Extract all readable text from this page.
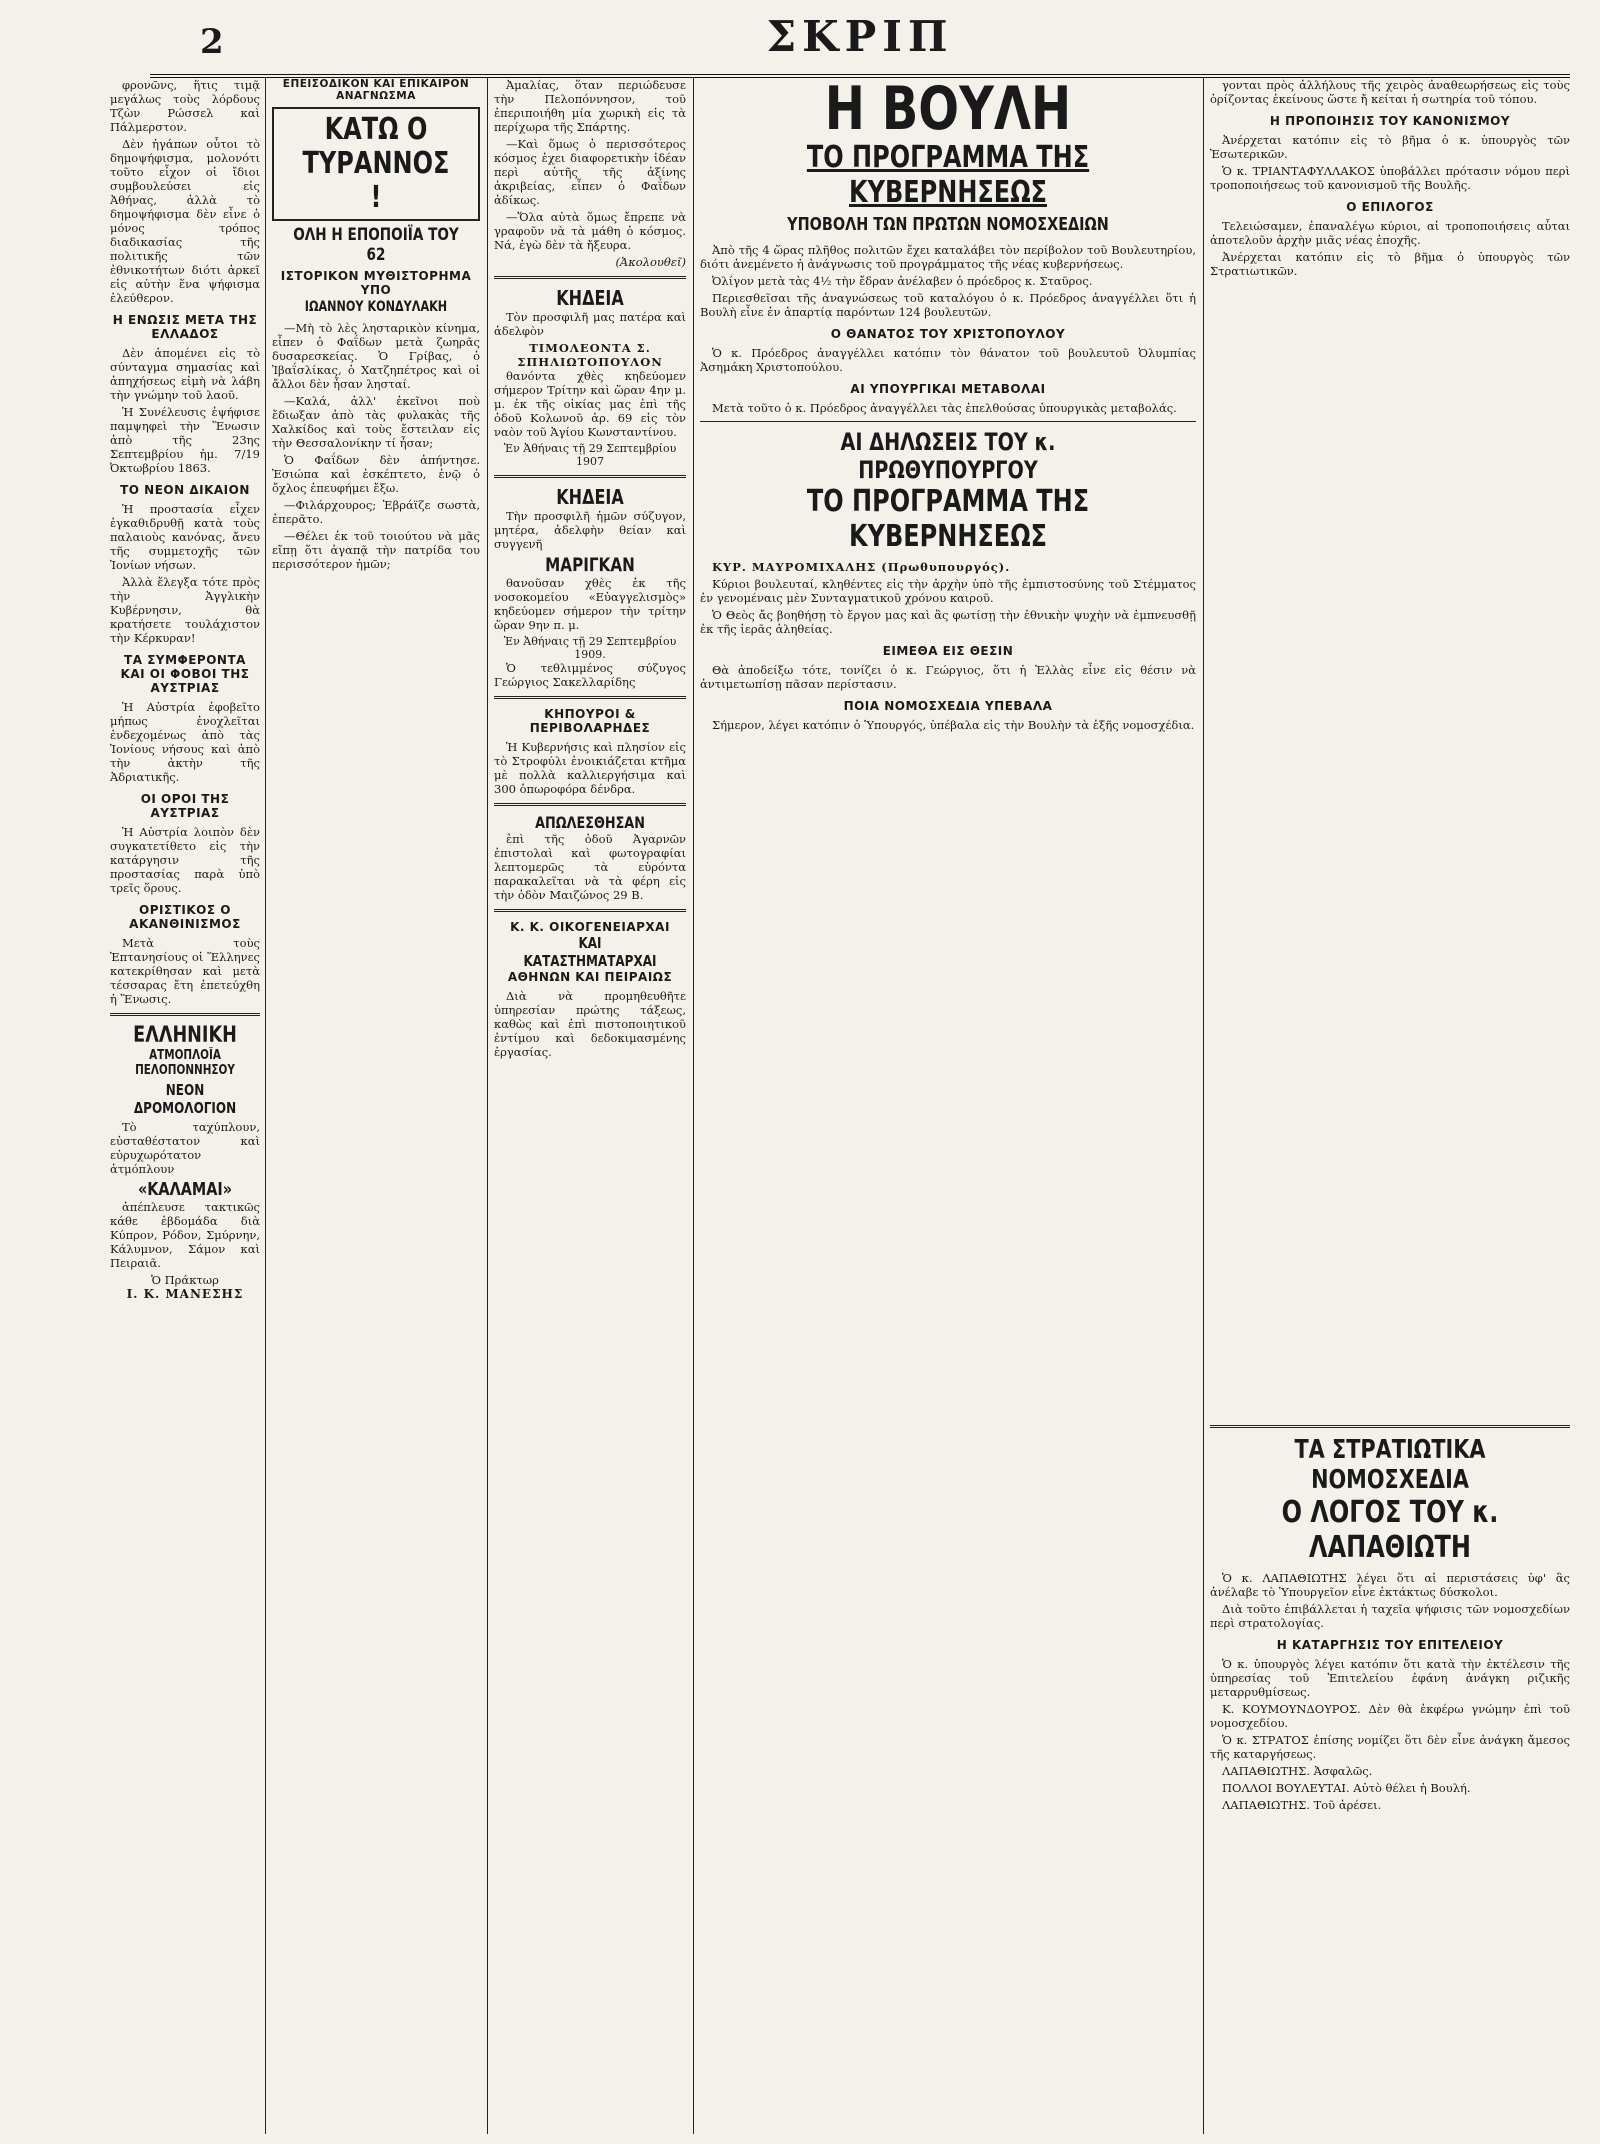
2	ΣΚΡΙΠ

φρονῶνς, ἥτις τιμᾷ μεγάλως τοὺς λόρδους Τζὼν Ρώσσελ καὶ Πάλμερστον.

Δὲν ἠγάπων οὗτοι τὸ δημοψήφισμα, μολονότι τοῦτο εἶχον οἱ ἴδιοι συμβουλεύσει εἰς Ἀθήνας, ἀλλὰ τὸ δημοψήφισμα δὲν εἶνε ὁ μόνος τρόπος διαδικασίας τῆς πολιτικῆς τῶν ἐθνικοτήτων διότι ἀρκεῖ εἰς αὐτὴν ἕνα ψήφισμα ἐλεύθερον.

Η ΕΝΩΣΙΣ ΜΕΤΑ ΤΗΣ ΕΛΛΑΔΟΣ

Δὲν ἀπομένει εἰς τὸ σύνταγμα σημασίας καὶ ἀπηχήσεως εἰμὴ νὰ λάβη τὴν γνώμην τοῦ λαοῦ.

Ἡ Συνέλευσις ἐψήφισε παμψηφεὶ τὴν Ἕνωσιν ἀπὸ τῆς 23ης Σεπτεμβρίου ἡμ. 7/19 Ὀκτωβρίου 1863.

ΤΟ ΝΕΟΝ ΔΙΚΑΙΟΝ

Ἡ προστασία εἶχεν ἐγκαθιδρυθῇ κατὰ τοὺς παλαιοὺς κανόνας, ἄνευ τῆς συμμετοχῆς τῶν Ἰονίων νήσων.

Ἀλλὰ ἔλεγξα τότε πρὸς τὴν Ἀγγλικὴν Κυβέρνησιν, θὰ κρατήσετε τουλάχιστον τὴν Κέρκυραν!

ΤΑ ΣΥΜΦΕΡΟΝΤΑ ΚΑΙ ΟΙ ΦΟΒΟΙ ΤΗΣ ΑΥΣΤΡΙΑΣ

Ἡ Αὐστρία ἐφοβεῖτο μήπως ἐνοχλεῖται ἐνδεχομένως ἀπὸ τὰς Ἰονίους νήσους καὶ ἀπὸ τὴν ἀκτὴν τῆς Ἀδριατικῆς.

ΟΙ ΟΡΟΙ ΤΗΣ ΑΥΣΤΡΙΑΣ

Ἡ Αὐστρία λοιπὸν δὲν συγκατετίθετο εἰς τὴν κατάργησιν τῆς προστασίας παρὰ ὑπὸ τρεῖς ὅρους.

ΟΡΙΣΤΙΚΟΣ Ο ΑΚΑΝΘΙΝΙΣΜΟΣ

Μετὰ τοὺς Ἑπτανησίους οἱ Ἕλληνες κατεκρίθησαν καὶ μετὰ τέσσαρας ἔτη ἐπετεύχθη ἡ Ἕνωσις.

ΕΛΛΗΝΙΚΗ
ΑΤΜΟΠΛΟΪΑ ΠΕΛΟΠΟΝΝΗΣΟΥ
ΝΕΟΝ ΔΡΟΜΟΛΟΓΙΟΝ

Τὸ ταχύπλουν, εὐσταθέστατον καὶ εὐρυχωρότατον ἀτμόπλουν

«ΚΑΛΑΜΑΙ»

ἀπέπλευσε τακτικῶς κάθε ἑβδομάδα διὰ Κύπρον, Ρόδον, Σμύρνην, Κάλυμνον, Σάμον καὶ Πειραιᾶ.

Ὁ Πράκτωρ
Ι. Κ. ΜΑΝΕΣΗΣ
ΕΠΕΙΣΟΔΙΚΟΝ ΚΑΙ ΕΠΙΚΑΙΡΟΝ ΑΝΑΓΝΩΣΜΑ
ΚΑΤΩ Ο ΤΥΡΑΝΝΟΣ !
ΟΛΗ Η ΕΠΟΠΟΙΪΑ ΤΟΥ 62
ΙΣΤΟΡΙΚΟΝ ΜΥΘΙΣΤΟΡΗΜΑ ΥΠΟ
ΙΩΑΝΝΟΥ ΚΟΝΔΥΛΑΚΗ

—Μὴ τὸ λὲς λησταρικὸν κίνημα, εἶπεν ὁ Φαΐδων μετὰ ζωηρᾶς δυσαρεσκείας. Ὁ Γρίβας, ὁ Ἰβαΐσλίκας, ὁ Χατζηπέτρος καὶ οἱ ἄλλοι δὲν ἦσαν λησταί.

—Καλά, ἀλλ' ἐκεῖνοι ποὺ ἔδιωξαν ἀπὸ τὰς φυλακὰς τῆς Χαλκίδος καὶ τοὺς ἔστειλαν εἰς τὴν Θεσσαλονίκην τί ἦσαν;

Ὁ Φαΐδων δὲν ἀπήντησε. Ἐσιώπα καὶ ἐσκέπτετο, ἐνῷ ὁ ὄχλος ἐπευφήμει ἔξω.

—Φιλάρχουρος; Ἐβράϊζε σωστὰ, ἐπερᾶτο.

—Θέλει ἐκ τοῦ τοιούτου νὰ μᾶς εἴπῃ ὅτι ἀγαπᾷ τὴν πατρίδα του περισσότερον ἡμῶν;

Ἀμαλίας, ὅταν περιώδευσε τὴν Πελοπόννησον, τοῦ ἐπεριποιήθη μία χωρικὴ εἰς τὰ περίχωρα τῆς Σπάρτης.

—Καὶ ὅμως ὁ περισσότερος κόσμος ἐχει διαφορετικὴν ἰδέαν περὶ αὐτῆς τῆς ἀξίνης ἀκριβείας, εἶπεν ὁ Φαΐδων ἀδίκως.

—Ὅλα αὐτὰ ὅμως ἔπρεπε νὰ γραφοῦν νὰ τὰ μάθη ὁ κόσμος. Νά, ἐγὼ δὲν τὰ ἤξευρα.

(Ἀκολουθεῖ)
ΚΗΔΕΙΑ

Τὸν προσφιλῆ μας πατέρα καὶ ἀδελφὸν

ΤΙΜΟΛΕΟΝΤΑ Σ. ΣΠΗΛΙΩΤΟΠΟΥΛΟΝ

θανόντα χθὲς κηδεύομεν σήμερον Τρίτην καὶ ὥραν 4ην μ. μ. ἐκ τῆς οἰκίας μας ἐπὶ τῆς ὁδοῦ Κολωνοῦ ἀρ. 69 εἰς τὸν ναὸν τοῦ Ἁγίου Κωνσταντίνου.

Ἐν Ἀθήναις τῇ 29 Σεπτεμβρίου 1907
ΚΗΔΕΙΑ

Τὴν προσφιλῆ ἡμῶν σύζυγον, μητέρα, ἀδελφὴν θείαν καὶ συγγενῆ

ΜΑΡΙΓΚΑΝ

θανοῦσαν χθὲς ἐκ τῆς νοσοκομείου «Εὐαγγελισμὸς» κηδεύομεν σήμερον τὴν τρίτην ὥραν 9ην π. μ.

Ἐν Ἀθήναις τῇ 29 Σεπτεμβρίου 1909.

Ὁ τεθλιμμένος σύζυγος Γεώργιος Σακελλαρίδης

ΚΗΠΟΥΡΟΙ & ΠΕΡΙΒΟΛΑΡΗΔΕΣ

Ἡ Κυβερνήσις καὶ πλησίον εἰς τὸ Στροφύλι ἐνοικιάζεται κτῆμα μὲ πολλὰ καλλιεργήσιμα καὶ 300 ὀπωροφόρα δένδρα.

ΑΠΩΛΕΣΘΗΣΑΝ

ἐπὶ τῆς ὁδοῦ Ἀγαρνῶν ἐπιστολαὶ καὶ φωτογραφίαι λεπτομερῶς τὰ εὑρόντα παρακαλεῖται νὰ τὰ φέρη εἰς τὴν ὁδὸν Μαιζώνος 29 Β.

Κ. Κ. ΟΙΚΟΓΕΝΕΙΑΡΧΑΙ
ΚΑΙ ΚΑΤΑΣΤΗΜΑΤΑΡΧΑΙ
ΑΘΗΝΩΝ ΚΑΙ ΠΕΙΡΑΙΩΣ

Διὰ νὰ προμηθευθῆτε ὑπηρεσίαν πρώτης τάξεως, καθὼς καὶ ἐπὶ πιστοποιητικοῦ ἐντίμου καὶ δεδοκιμασμένης ἐργασίας.

Η ΒΟΥΛΗ
ΤΟ ΠΡΟΓΡΑΜΜΑ ΤΗΣ ΚΥΒΕΡΝΗΣΕΩΣ
ΥΠΟΒΟΛΗ ΤΩΝ ΠΡΩΤΩΝ ΝΟΜΟΣΧΕΔΙΩΝ

Ἀπὸ τῆς 4 ὥρας πλῆθος πολιτῶν ἔχει καταλάβει τὸν περίβολον τοῦ Βουλευτηρίου, διότι ἀνεμένετο ἡ ἀνάγνωσις τοῦ προγράμματος τῆς νέας κυβερνήσεως.

Ὀλίγον μετὰ τὰς 4½ τὴν ἔδραν ἀνέλαβεν ὁ πρόεδρος κ. Σταῦρος.

Περιεσθεῖσαι τῆς ἀναγνώσεως τοῦ καταλόγου ὁ κ. Πρόεδρος ἀναγγέλλει ὅτι ἡ Βουλὴ εἶνε ἐν ἀπαρτίᾳ παρόντων 124 βουλευτῶν.

Ο ΘΑΝΑΤΟΣ ΤΟΥ ΧΡΙΣΤΟΠΟΥΛΟΥ

Ὁ κ. Πρόεδρος ἀναγγέλλει κατόπιν τὸν θάνατον τοῦ βουλευτοῦ Ὀλυμπίας Ἀσημάκη Χριστοπούλου.

ΑΙ ΥΠΟΥΡΓΙΚΑΙ ΜΕΤΑΒΟΛΑΙ

Μετὰ τοῦτο ὁ κ. Πρόεδρος ἀναγγέλλει τὰς ἐπελθούσας ὑπουργικὰς μεταβολάς.

ΑΙ ΔΗΛΩΣΕΙΣ ΤΟΥ κ. ΠΡΩΘΥΠΟΥΡΓΟΥ
ΤΟ ΠΡΟΓΡΑΜΜΑ ΤΗΣ ΚΥΒΕΡΝΗΣΕΩΣ

ΚΥΡ. ΜΑΥΡΟΜΙΧΑΛΗΣ (Πρωθυπουργός).

Κύριοι βουλευταί, κληθέντες εἰς τὴν ἀρχὴν ὑπὸ τῆς ἐμπιστοσύνης τοῦ Στέμματος ἐν γενομέναις μὲν Συνταγματικοῦ χρόνου καιροῦ.

Ὁ Θεὸς ἄς βοηθήσῃ τὸ ἔργον μας καὶ ἂς φωτίσῃ τὴν ἐθνικὴν ψυχὴν νὰ ἐμπνευσθῇ ἐκ τῆς ἱερᾶς ἀληθείας.

ΕΙΜΕΘΑ ΕΙΣ ΘΕΣΙΝ

Θὰ ἀποδείξω τότε, τονίζει ὁ κ. Γεώργιος, ὅτι ἡ Ἑλλὰς εἶνε εἰς θέσιν νὰ ἀντιμετωπίσῃ πᾶσαν περίστασιν.

ΠΟΙΑ ΝΟΜΟΣΧΕΔΙΑ ΥΠΕΒΑΛΑ

Σήμερον, λέγει κατόπιν ὁ Ὑπουργός, ὑπέβαλα εἰς τὴν Βουλὴν τὰ ἑξῆς νομοσχέδια.

γονται πρὸς ἀλλήλους τῆς χειρὸς ἀναθεωρήσεως εἰς τοὺς ὁρίζοντας ἐκείνους ὥστε ἤ κείται ἡ σωτηρία τοῦ τόπου.

Η ΠΡΟΠΟΙΗΣΙΣ ΤΟΥ ΚΑΝΟΝΙΣΜΟΥ

Ἀνέρχεται κατόπιν εἰς τὸ βῆμα ὁ κ. ὑπουργὸς τῶν Ἐσωτερικῶν.

Ὁ κ. ΤΡΙΑΝΤΑΦΥΛΛΑΚΟΣ ὑποβάλλει πρότασιν νόμου περὶ τροποποιήσεως τοῦ κανονισμοῦ τῆς Βουλῆς.

Ο ΕΠΙΛΟΓΟΣ

Τελειώσαμεν, ἐπαναλέγω κύριοι, αἱ τροποποιήσεις αὗται ἀποτελοῦν ἀρχὴν μιᾶς νέας ἐποχῆς.

Ἀνέρχεται κατόπιν εἰς τὸ βῆμα ὁ ὑπουργὸς τῶν Στρατιωτικῶν.

ΤΑ ΣΤΡΑΤΙΩΤΙΚΑ ΝΟΜΟΣΧΕΔΙΑ
Ο ΛΟΓΟΣ ΤΟΥ κ. ΛΑΠΑΘΙΩΤΗ

Ὁ κ. ΛΑΠΑΘΙΩΤΗΣ λέγει ὅτι αἱ περιστάσεις ὑφ' ἃς ἀνέλαβε τὸ Ὑπουργεῖον εἶνε ἐκτάκτως δύσκολοι.

Διὰ τοῦτο ἐπιβάλλεται ἡ ταχεῖα ψήφισις τῶν νομοσχεδίων περὶ στρατολογίας.

Η ΚΑΤΑΡΓΗΣΙΣ ΤΟΥ ΕΠΙΤΕΛΕΙΟΥ

Ὁ κ. ὑπουργὸς λέγει κατόπιν ὅτι κατὰ τὴν ἐκτέλεσιν τῆς ὑπηρεσίας τοῦ Ἐπιτελείου ἐφάνη ἀνάγκη ριζικῆς μεταρρυθμίσεως.

Κ. ΚΟΥΜΟΥΝΔΟΥΡΟΣ. Δὲν θὰ ἐκφέρω γνώμην ἐπὶ τοῦ νομοσχεδίου.

Ὁ κ. ΣΤΡΑΤΟΣ ἐπίσης νομίζει ὅτι δὲν εἶνε ἀνάγκη ἄμεσος τῆς καταργήσεως.

ΛΑΠΑΘΙΩΤΗΣ. Ἀσφαλῶς.

ΠΟΛΛΟΙ ΒΟΥΛΕΥΤΑΙ. Αὐτὸ θέλει ἡ Βουλή.

ΛΑΠΑΘΙΩΤΗΣ. Τοῦ ἀρέσει.
